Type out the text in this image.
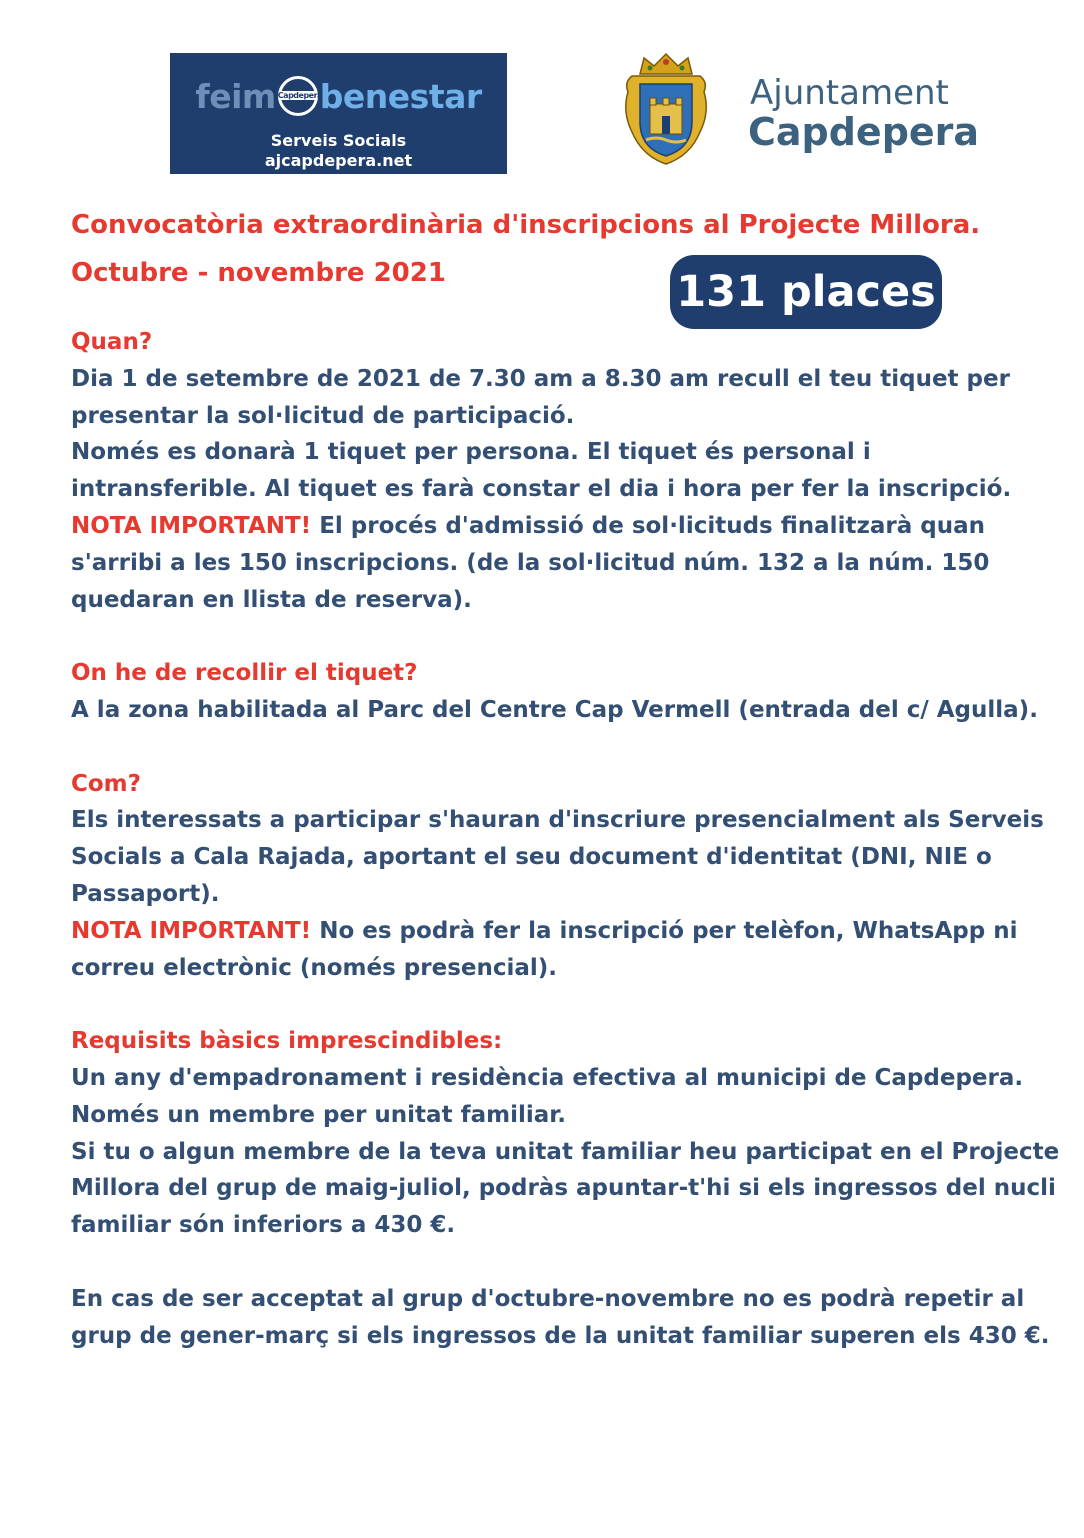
feim Capdepera
benestar
Serveis Socials
ajcapdepera.net
Ajuntament
Capdepera
Convocatòria extraordinària d'inscripcions al Projecte Millora.
Octubre - novembre 2021	131 places

Quan?

Dia 1 de setembre de 2021 de 7.30 am a 8.30 am recull el teu tiquet per presentar la sol·licitud de participació.

Només es donarà 1 tiquet per persona. El tiquet és personal i intransferible. Al tiquet es farà constar el dia i hora per fer la inscripció.

NOTA IMPORTANT! El procés d'admissió de sol·licituds finalitzarà quan s'arribi a les 150 inscripcions. (de la sol·licitud núm. 132 a la núm. 150 quedaran en llista de reserva).

On he de recollir el tiquet?

A la zona habilitada al Parc del Centre Cap Vermell (entrada del c/ Agulla).

Com?

Els interessats a participar s'hauran d'inscriure presencialment als Serveis Socials a Cala Rajada, aportant el seu document d'identitat (DNI, NIE o Passaport).

NOTA IMPORTANT! No es podrà fer la inscripció per telèfon, WhatsApp ni correu electrònic (només presencial).

Requisits bàsics imprescindibles:

Un any d'empadronament i residència efectiva al municipi de Capdepera.

Només un membre per unitat familiar.

Si tu o algun membre de la teva unitat familiar heu participat en el Projecte Millora del grup de maig-juliol, podràs apuntar-t'hi si els ingressos del nucli familiar són inferiors a 430 €.

En cas de ser acceptat al grup d'octubre-novembre no es podrà repetir al grup de gener-març si els ingressos de la unitat familiar superen els 430 €.
